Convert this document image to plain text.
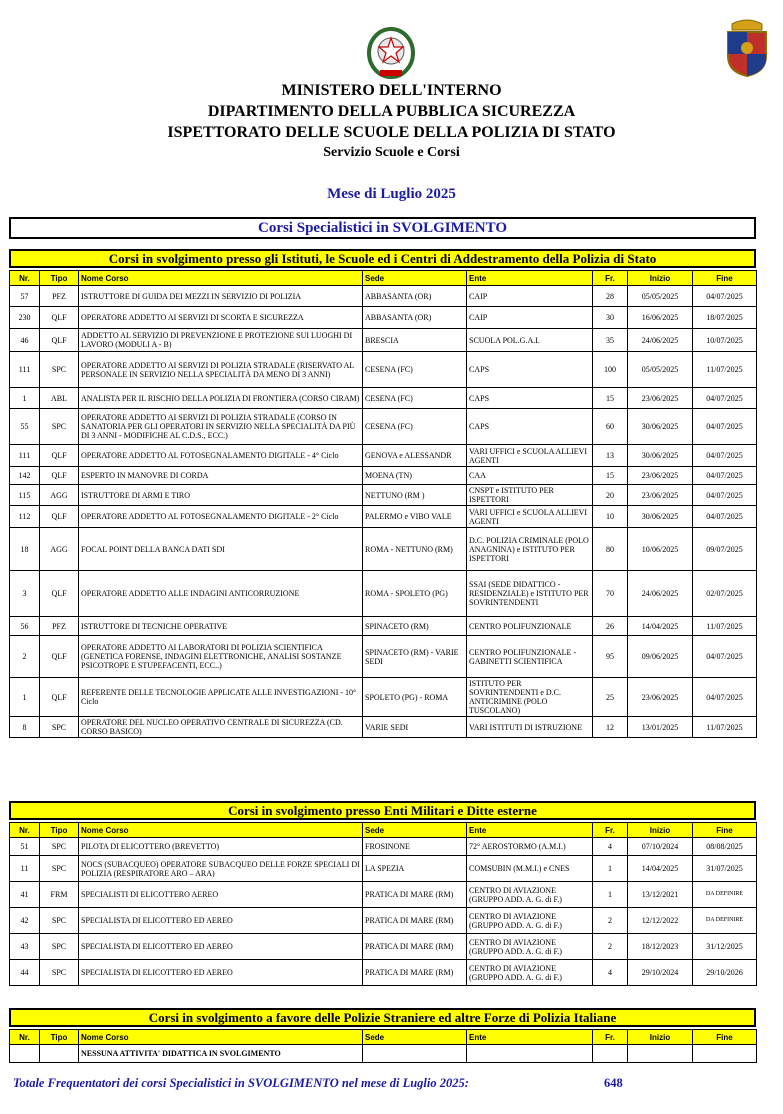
MINISTERO DELL'INTERNO
DIPARTIMENTO DELLA PUBBLICA SICUREZZA
ISPETTORATO DELLE SCUOLE DELLA POLIZIA DI STATO
Servizio Scuole e Corsi
Mese di Luglio 2025
Corsi Specialistici in SVOLGIMENTO
Corsi in svolgimento presso gli Istituti, le Scuole ed i Centri di Addestramento della Polizia di Stato
Nr.	Tipo	Nome Corso	Sede	Ente	Fr.	Inizio	Fine
57	PFZ	ISTRUTTORE DI GUIDA DEI MEZZI IN SERVIZIO DI POLIZIA	ABBASANTA (OR)	CAIP	28	05/05/2025	04/07/2025
230	QLF	OPERATORE ADDETTO AI SERVIZI DI SCORTA E SICUREZZA	ABBASANTA (OR)	CAIP	30	16/06/2025	18/07/2025
46	QLF	ADDETTO AL SERVIZIO DI PREVENZIONE E PROTEZIONE SUI LUOGHI DI LAVORO (MODULI A - B)	BRESCIA	SCUOLA POL.G.A.I.	35	24/06/2025	10/07/2025
111	SPC	OPERATORE ADDETTO AI SERVIZI DI POLIZIA STRADALE (RISERVATO AL PERSONALE IN SERVIZIO NELLA SPECIALITÀ DA MENO DI 3 ANNI)	CESENA (FC)	CAPS	100	05/05/2025	11/07/2025
1	ABL	ANALISTA PER IL RISCHIO DELLA POLIZIA DI FRONTIERA (CORSO CIRAM)	CESENA (FC)	CAPS	15	23/06/2025	04/07/2025
55	SPC	OPERATORE ADDETTO AI SERVIZI DI POLIZIA STRADALE (CORSO IN SANATORIA PER GLI OPERATORI IN SERVIZIO NELLA SPECIALITÀ DA PIÙ DI 3 ANNI - MODIFICHE AL C.D.S., ECC.)	CESENA (FC)	CAPS	60	30/06/2025	04/07/2025
111	QLF	OPERATORE ADDETTO AL FOTOSEGNALAMENTO DIGITALE - 4° Ciclo	GENOVA e ALESSANDR	VARI UFFICI e SCUOLA ALLIEVI AGENTI	13	30/06/2025	04/07/2025
142	QLF	ESPERTO IN MANOVRE DI CORDA	MOENA (TN)	CAA	15	23/06/2025	04/07/2025
115	AGG	ISTRUTTORE DI ARMI E TIRO	NETTUNO (RM )	CNSPT e ISTITUTO PER ISPETTORI	20	23/06/2025	04/07/2025
112	QLF	OPERATORE ADDETTO AL FOTOSEGNALAMENTO DIGITALE - 2° Ciclo	PALERMO e VIBO VALE	VARI UFFICI e SCUOLA ALLIEVI AGENTI	10	30/06/2025	04/07/2025
18	AGG	FOCAL POINT DELLA BANCA DATI SDI	ROMA - NETTUNO (RM)	D.C. POLIZIA CRIMINALE (POLO ANAGNINA) e ISTITUTO PER ISPETTORI	80	10/06/2025	09/07/2025
3	QLF	OPERATORE ADDETTO ALLE INDAGINI ANTICORRUZIONE	ROMA - SPOLETO (PG)	SSAI (SEDE DIDATTICO - RESIDENZIALE) e ISTITUTO PER SOVRINTENDENTI	70	24/06/2025	02/07/2025
56	PFZ	ISTRUTTORE DI TECNICHE OPERATIVE	SPINACETO (RM)	CENTRO POLIFUNZIONALE	26	14/04/2025	11/07/2025
2	QLF	OPERATORE ADDETTO AI LABORATORI DI POLIZIA SCIENTIFICA (GENETICA FORENSE, INDAGINI ELETTRONICHE, ANALISI SOSTANZE PSICOTROPE E STUPEFACENTI, ECC..)	SPINACETO (RM) - VARIE SEDI	CENTRO POLIFUNZIONALE - GABINETTI SCIENTIFICA	95	09/06/2025	04/07/2025
1	QLF	REFERENTE DELLE TECNOLOGIE APPLICATE ALLE INVESTIGAZIONI - 10° Ciclo	SPOLETO (PG) - ROMA	ISTITUTO PER SOVRINTENDENTI e D.C. ANTICRIMINE (POLO TUSCOLANO)	25	23/06/2025	04/07/2025
8	SPC	OPERATORE DEL NUCLEO OPERATIVO CENTRALE DI SICUREZZA (CD. CORSO BASICO)	VARIE SEDI	VARI ISTITUTI DI ISTRUZIONE	12	13/01/2025	11/07/2025
Corsi in svolgimento presso Enti Militari e Ditte esterne
Nr.	Tipo	Nome Corso	Sede	Ente	Fr.	Inizio	Fine
51	SPC	PILOTA DI ELICOTTERO (BREVETTO)	FROSINONE	72° AEROSTORMO (A.M.I.)	4	07/10/2024	08/08/2025
11	SPC	NOCS (SUBACQUEO) OPERATORE SUBACQUEO DELLE FORZE SPECIALI DI POLIZIA (RESPIRATORE ARO – ARA)	LA SPEZIA	COMSUBIN (M.M.I.) e CNES	1	14/04/2025	31/07/2025
41	FRM	SPECIALISTI DI ELICOTTERO AEREO	PRATICA DI MARE (RM)	CENTRO DI AVIAZIONE (GRUPPO ADD. A. G. di F.)	1	13/12/2021	DA DEFINIRE
42	SPC	SPECIALISTA DI ELICOTTERO ED AEREO	PRATICA DI MARE (RM)	CENTRO DI AVIAZIONE (GRUPPO ADD. A. G. di F.)	2	12/12/2022	DA DEFINIRE
43	SPC	SPECIALISTA DI ELICOTTERO ED AEREO	PRATICA DI MARE (RM)	CENTRO DI AVIAZIONE (GRUPPO ADD. A. G. di F.)	2	18/12/2023	31/12/2025
44	SPC	SPECIALISTA DI ELICOTTERO ED AEREO	PRATICA DI MARE (RM)	CENTRO DI AVIAZIONE (GRUPPO ADD. A. G. di F.)	4	29/10/2024	29/10/2026
Corsi in svolgimento a favore delle Polizie Straniere ed altre Forze di Polizia Italiane
Nr.	Tipo	Nome Corso	Sede	Ente	Fr.	Inizio	Fine
		NESSUNA ATTIVITA' DIDATTICA IN SVOLGIMENTO					
Totale Frequentatori dei corsi Specialistici in SVOLGIMENTO nel mese di Luglio 2025:	648
